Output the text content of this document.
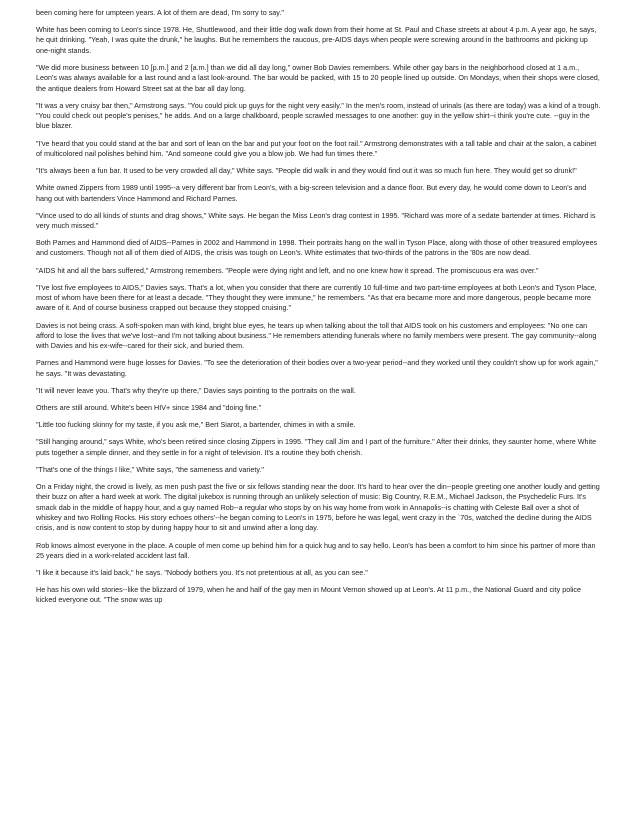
been coming here for umpteen years. A lot of them are dead, I'm sorry to say."

White has been coming to Leon's since 1978. He, Shuttlewood, and their little dog walk down from their home at St. Paul and Chase streets at about 4 p.m. A year ago, he says, he quit drinking. "Yeah, I was quite the drunk," he laughs. But he remembers the raucous, pre-AIDS days when people were screwing around in the bathrooms and picking up one-night stands.

"We did more business between 10 [p.m.] and 2 [a.m.] than we did all day long," owner Bob Davies remembers. While other gay bars in the neighborhood closed at 1 a.m., Leon's was always available for a last round and a last look-around. The bar would be packed, with 15 to 20 people lined up outside. On Mondays, when their shops were closed, the antique dealers from Howard Street sat at the bar all day long.

"It was a very cruisy bar then," Armstrong says. "You could pick up guys for the night very easily." In the men's room, instead of urinals (as there are today) was a kind of a trough. "You could check out people's penises," he adds. And on a large chalkboard, people scrawled messages to one another: guy in the yellow shirt--i think you're cute. --guy in the blue blazer.

"I've heard that you could stand at the bar and sort of lean on the bar and put your foot on the foot rail." Armstrong demonstrates with a tall table and chair at the salon, a cabinet of multicolored nail polishes behind him. "And someone could give you a blow job. We had fun times there."

"It's always been a fun bar. It used to be very crowded all day," White says. "People did walk in and they would find out it was so much fun here. They would get so drunk!"

White owned Zippers from 1989 until 1995--a very different bar from Leon's, with a big-screen television and a dance floor. But every day, he would come down to Leon's and hang out with bartenders Vince Hammond and Richard Parnes.

"Vince used to do all kinds of stunts and drag shows," White says. He began the Miss Leon's drag contest in 1995. "Richard was more of a sedate bartender at times. Richard is very much missed."

Both Parnes and Hammond died of AIDS--Parnes in 2002 and Hammond in 1998. Their portraits hang on the wall in Tyson Place, along with those of other treasured employees and customers. Though not all of them died of AIDS, the crisis was tough on Leon's. White estimates that two-thirds of the patrons in the '80s are now dead.

"AIDS hit and all the bars suffered," Armstrong remembers. "People were dying right and left, and no one knew how it spread. The promiscuous era was over."

"I've lost five employees to AIDS," Davies says. That's a lot, when you consider that there are currently 10 full-time and two part-time employees at both Leon's and Tyson Place, most of whom have been there for at least a decade. "They thought they were immune," he remembers. "As that era became more and more dangerous, people became more aware of it. And of course business crapped out because they stopped cruising."

Davies is not being crass. A soft-spoken man with kind, bright blue eyes, he tears up when talking about the toll that AIDS took on his customers and employees: "No one can afford to lose the lives that we've lost--and I'm not talking about business." He remembers attending funerals where no family members were present. The gay community--along with Davies and his ex-wife--cared for their sick, and buried them.

Parnes and Hammond were huge losses for Davies. "To see the deterioration of their bodies over a two-year period--and they worked until they couldn't show up for work again," he says. "It was devastating.

"It will never leave you. That's why they're up there," Davies says pointing to the portraits on the wall.

Others are still around. White's been HIV+ since 1984 and "doing fine."

"Little too fucking skinny for my taste, if you ask me," Bert Siarot, a bartender, chimes in with a smile.

"Still hanging around," says White, who's been retired since closing Zippers in 1995. "They call Jim and I part of the furniture." After their drinks, they saunter home, where White puts together a simple dinner, and they settle in for a night of television. It's a routine they both cherish.

"That's one of the things I like," White says, "the sameness and variety."

On a Friday night, the crowd is lively, as men push past the five or six fellows standing near the door. It's hard to hear over the din--people greeting one another loudly and getting their buzz on after a hard week at work. The digital jukebox is running through an unlikely selection of music: Big Country, R.E.M., Michael Jackson, the Psychedelic Furs. It's smack dab in the middle of happy hour, and a guy named Rob--a regular who stops by on his way home from work in Annapolis--is chatting with Celeste Ball over a shot of whiskey and two Rolling Rocks. His story echoes others'--he began coming to Leon's in 1975, before he was legal, went crazy in the `70s, watched the decline during the AIDS crisis, and is now content to stop by during happy hour to sit and unwind after a long day.

Rob knows almost everyone in the place. A couple of men come up behind him for a quick hug and to say hello. Leon's has been a comfort to him since his partner of more than 25 years died in a work-related accident last fall.

"I like it because it's laid back," he says. "Nobody bothers you. It's not pretentious at all, as you can see."

He has his own wild stories--like the blizzard of 1979, when he and half of the gay men in Mount Vernon showed up at Leon's. At 11 p.m., the National Guard and city police kicked everyone out. "The snow was up
